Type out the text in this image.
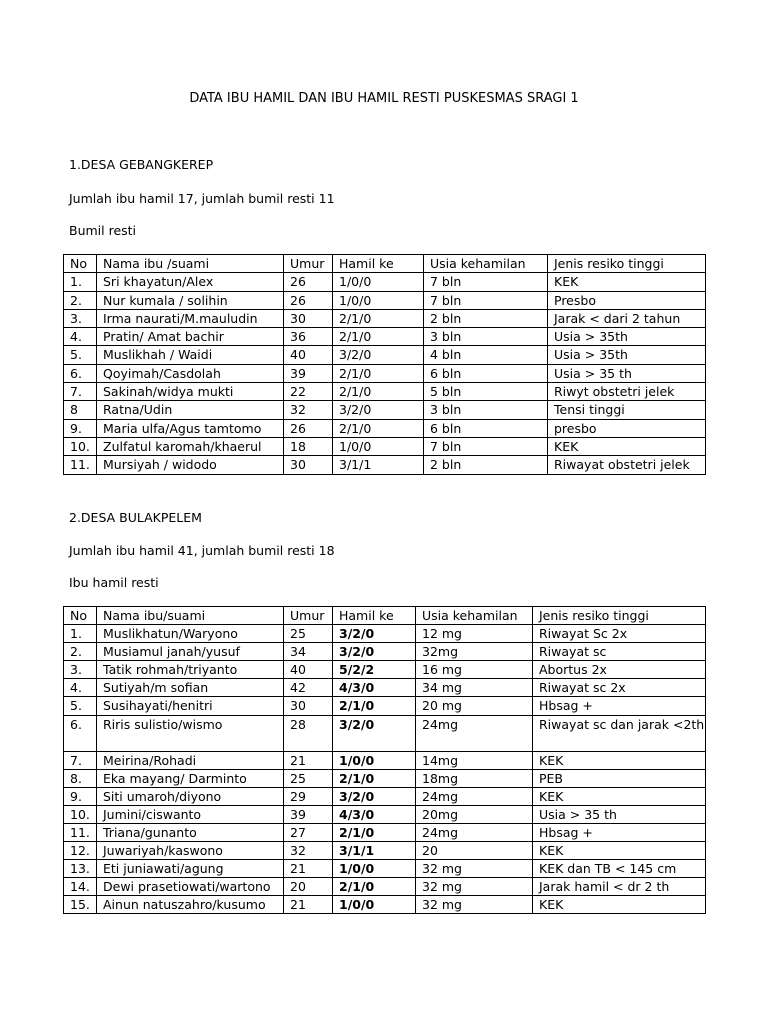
DATA IBU HAMIL DAN IBU HAMIL RESTI PUSKESMAS SRAGI 1
1.DESA GEBANGKEREP
Jumlah ibu hamil 17, jumlah bumil resti 11
Bumil resti
No	Nama ibu /suami	Umur	Hamil ke	Usia kehamilan	Jenis resiko tinggi
1.	Sri khayatun/Alex	26	1/0/0	7 bln	KEK
2.	Nur kumala / solihin	26	1/0/0	7 bln	Presbo
3.	Irma naurati/M.mauludin	30	2/1/0	2 bln	Jarak < dari 2 tahun
4.	Pratin/ Amat bachir	36	2/1/0	3 bln	Usia > 35th
5.	Muslikhah / Waidi	40	3/2/0	4 bln	Usia > 35th
6.	Qoyimah/Casdolah	39	2/1/0	6 bln	Usia > 35 th
7.	Sakinah/widya mukti	22	2/1/0	5 bln	Riwyt obstetri jelek
8	Ratna/Udin	32	3/2/0	3 bln	Tensi tinggi
9.	Maria ulfa/Agus tamtomo	26	2/1/0	6 bln	presbo
10.	Zulfatul karomah/khaerul	18	1/0/0	7 bln	KEK
11.	Mursiyah / widodo	30	3/1/1	2 bln	Riwayat obstetri jelek
2.DESA BULAKPELEM
Jumlah ibu hamil 41, jumlah bumil resti 18
Ibu hamil resti
No	Nama ibu/suami	Umur	Hamil ke	Usia kehamilan	Jenis resiko tinggi
1.	Muslikhatun/Waryono	25	3/2/0	12 mg	Riwayat Sc 2x
2.	Musiamul janah/yusuf	34	3/2/0	32mg	Riwayat sc
3.	Tatik rohmah/triyanto	40	5/2/2	16 mg	Abortus 2x
4.	Sutiyah/m sofian	42	4/3/0	34 mg	Riwayat sc 2x
5.	Susihayati/henitri	30	2/1/0	20 mg	Hbsag +
6.	Riris sulistio/wismo	28	3/2/0	24mg	Riwayat sc dan jarak <2th
7.	Meirina/Rohadi	21	1/0/0	14mg	KEK
8.	Eka mayang/ Darminto	25	2/1/0	18mg	PEB
9.	Siti umaroh/diyono	29	3/2/0	24mg	KEK
10.	Jumini/ciswanto	39	4/3/0	20mg	Usia > 35 th
11.	Triana/gunanto	27	2/1/0	24mg	Hbsag +
12.	Juwariyah/kaswono	32	3/1/1	20	KEK
13.	Eti juniawati/agung	21	1/0/0	32 mg	KEK dan TB < 145 cm
14.	Dewi prasetiowati/wartono	20	2/1/0	32 mg	Jarak hamil < dr 2 th
15.	Ainun natuszahro/kusumo	21	1/0/0	32 mg	KEK
